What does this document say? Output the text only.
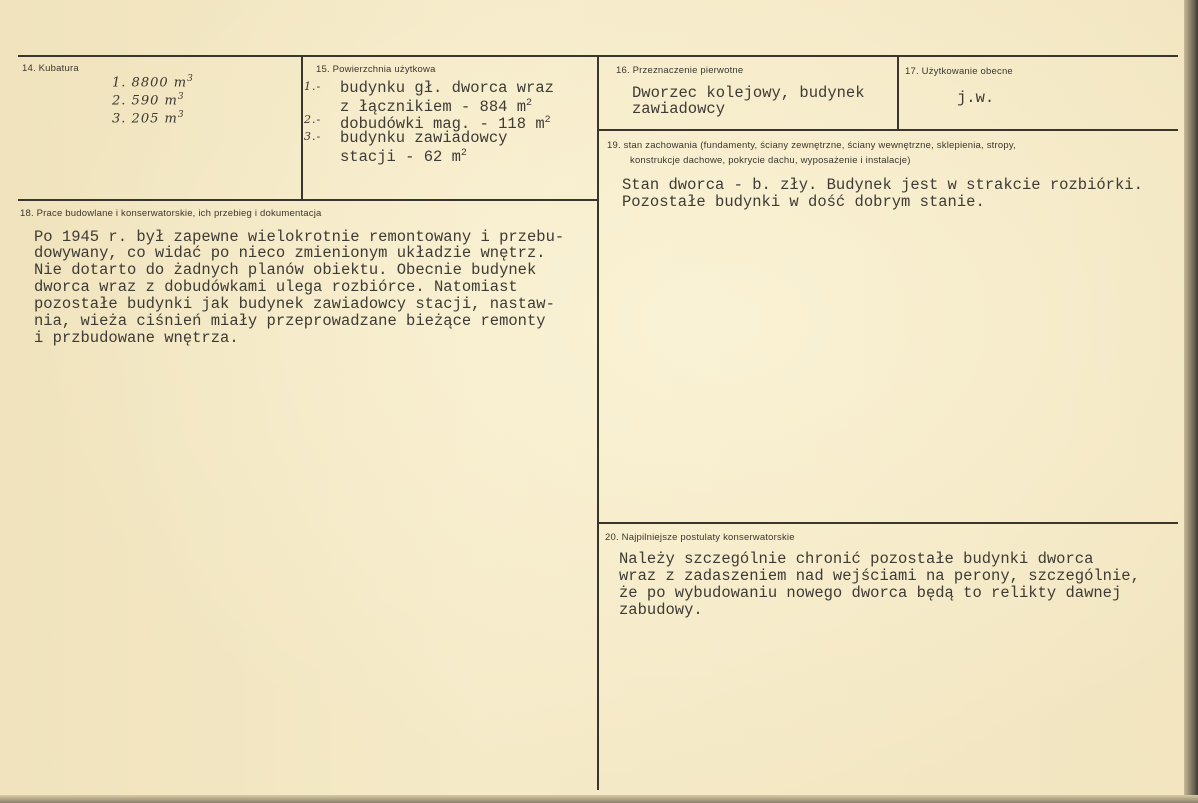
14. Kubatura
1. 8800 $m^3$
2. 590 $m^3$
3. 205 $m^3$
15. Powierzchnia użytkowa
1.- budynku gł. dworca wraz
z łącznikiem - 884 $m^2$
2.- dobudówki mag. - 118 $m^2$
3.- budynku zawiadowcy
stacji - 62 $m^2$
16. Przeznaczenie pierwotne
Dworzec kolejowy, budynek
zawiadowcy
17. Użytkowanie obecne
j.w.
18. Prace budowlane i konserwatorskie, ich przebieg i dokumentacja
Po 1945 r. był zapewne wielokrotnie remontowany i przebu-
dowywany, co widać po nieco zmienionym układzie wnętrz.
Nie dotarto do żadnych planów obiektu. Obecnie budynek
dworca wraz z dobudówkami ulega rozbiórce. Natomiast
pozostałe budynki jak budynek zawiadowcy stacji, nastaw-
nia, wieża ciśnień miały przeprowadzane bieżące remonty
i przbudowane wnętrza.
19. stan zachowania (fundamenty, ściany zewnętrzne, ściany wewnętrzne, sklepienia, stropy,
konstrukcje dachowe, pokrycie dachu, wyposażenie i instalacje)
Stan dworca - b. zły. Budynek jest w strakcie rozbiórki.
Pozostałe budynki w dość dobrym stanie.
20. Najpilniejsze postulaty konserwatorskie
Należy szczególnie chronić pozostałe budynki dworca
wraz z zadaszeniem nad wejściami na perony, szczególnie,
że po wybudowaniu nowego dworca będą to relikty dawnej
zabudowy.
